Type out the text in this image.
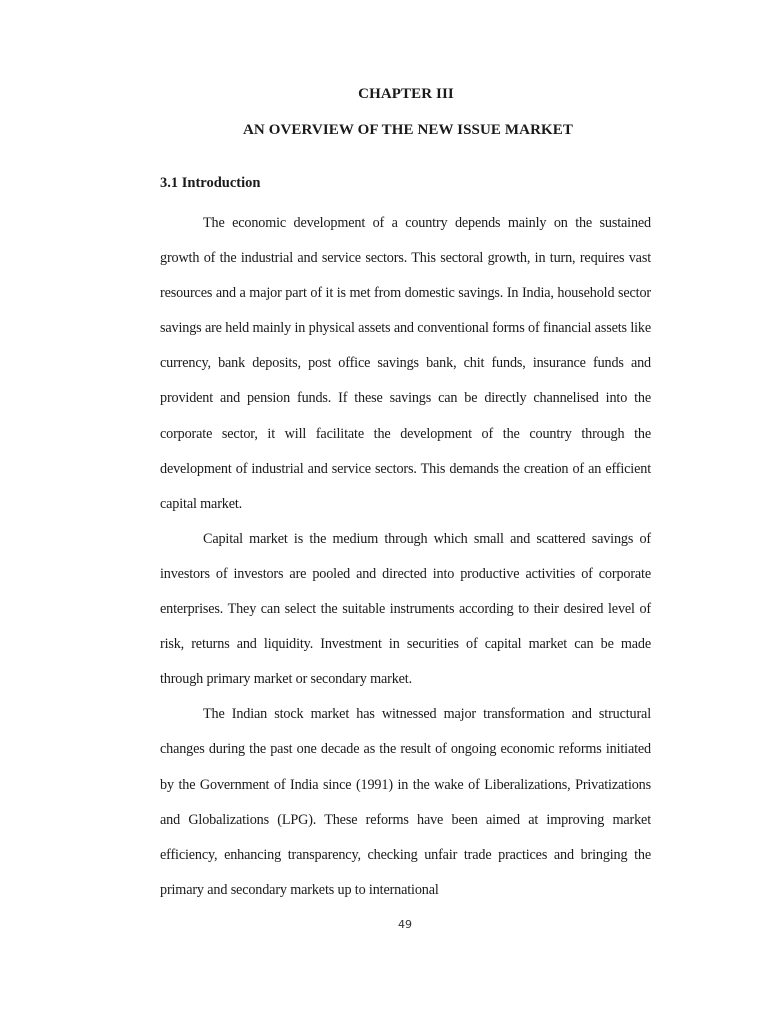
CHAPTER III
AN OVERVIEW OF THE NEW ISSUE MARKET
3.1 Introduction

The economic development of a country depends mainly on the sustained growth of the industrial and service sectors. This sectoral growth, in turn, requires vast resources and a major part of it is met from domestic savings. In India, household sector savings are held mainly in physical assets and conventional forms of financial assets like currency, bank deposits, post office savings bank, chit funds, insurance funds and provident and pension funds. If these savings can be directly channelised into the corporate sector, it will facilitate the development of the country through the development of industrial and service sectors. This demands the creation of an efficient capital market.

Capital market is the medium through which small and scattered savings of investors of investors are pooled and directed into productive activities of corporate enterprises. They can select the suitable instruments according to their desired level of risk, returns and liquidity. Investment in securities of capital market can be made through primary market or secondary market.

The Indian stock market has witnessed major transformation and structural changes during the past one decade as the result of ongoing economic reforms initiated by the Government of India since (1991) in the wake of Liberalizations, Privatizations and Globalizations (LPG). These reforms have been aimed at improving market efficiency, enhancing transparency, checking unfair trade practices and bringing the primary and secondary markets up to international

49
